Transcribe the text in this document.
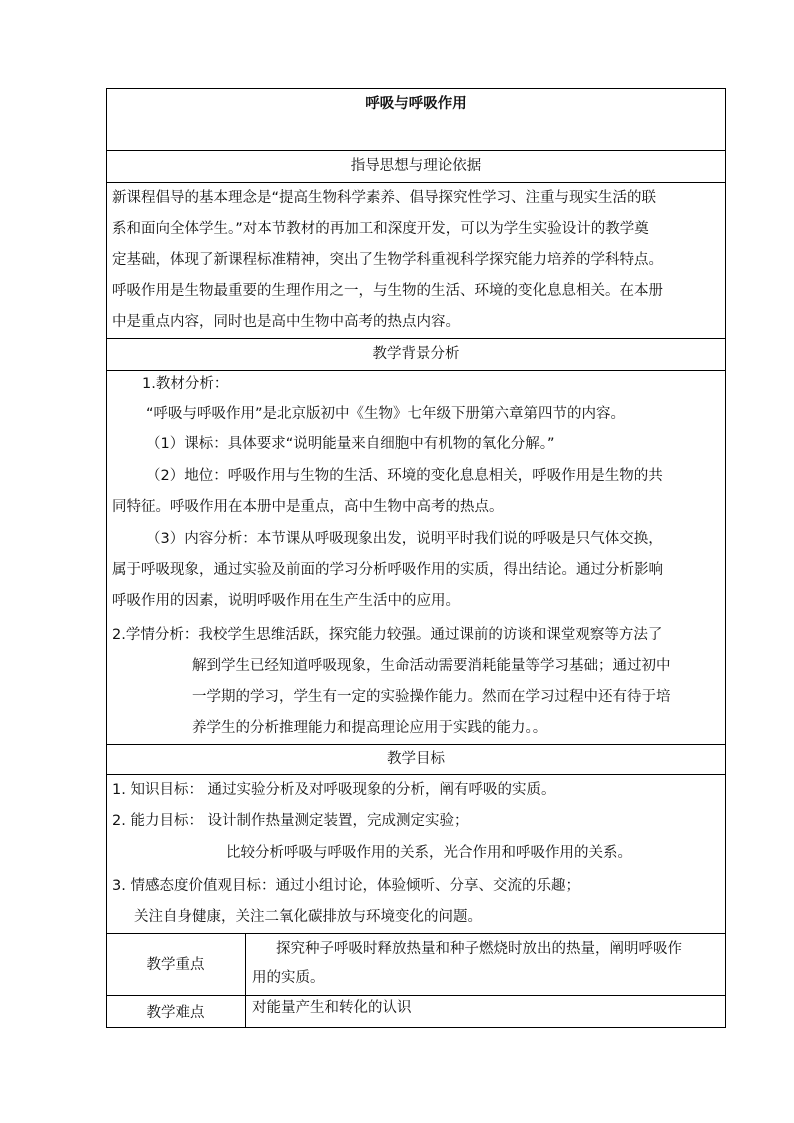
呼吸与呼吸作用
指导思想与理论依据
新课程倡导的基本理念是“提高生物科学素养、倡导探究性学习、注重与现实生活的联
系和面向全体学生。”对本节教材的再加工和深度开发，可以为学生实验设计的教学奠
定基础，体现了新课程标准精神，突出了生物学科重视科学探究能力培养的学科特点。
呼吸作用是生物最重要的生理作用之一，与生物的生活、环境的变化息息相关。在本册
中是重点内容，同时也是高中生物中高考的热点内容。
教学背景分析
1.教材分析：
“呼吸与呼吸作用”是北京版初中《生物》七年级下册第六章第四节的内容。
（1）课标：具体要求“说明能量来自细胞中有机物的氧化分解。”
（2）地位：呼吸作用与生物的生活、环境的变化息息相关，呼吸作用是生物的共
同特征。呼吸作用在本册中是重点，高中生物中高考的热点。
（3）内容分析：本节课从呼吸现象出发，说明平时我们说的呼吸是只气体交换，
属于呼吸现象，通过实验及前面的学习分析呼吸作用的实质，得出结论。通过分析影响
呼吸作用的因素，说明呼吸作用在生产生活中的应用。
2.学情分析：我校学生思维活跃，探究能力较强。通过课前的访谈和课堂观察等方法了
解到学生已经知道呼吸现象，生命活动需要消耗能量等学习基础；通过初中
一学期的学习，学生有一定的实验操作能力。然而在学习过程中还有待于培
养学生的分析推理能力和提高理论应用于实践的能力。。
教学目标
1. 知识目标： 通过实验分析及对呼吸现象的分析，阐有呼吸的实质。
2. 能力目标： 设计制作热量测定装置，完成测定实验；
比较分析呼吸与呼吸作用的关系，光合作用和呼吸作用的关系。
3. 情感态度价值观目标：通过小组讨论，体验倾听、分享、交流的乐趣；
关注自身健康，关注二氧化碳排放与环境变化的问题。
教学重点
探究种子呼吸时释放热量和种子燃烧时放出的热量，阐明呼吸作
用的实质。
教学难点	对能量产生和转化的认识
